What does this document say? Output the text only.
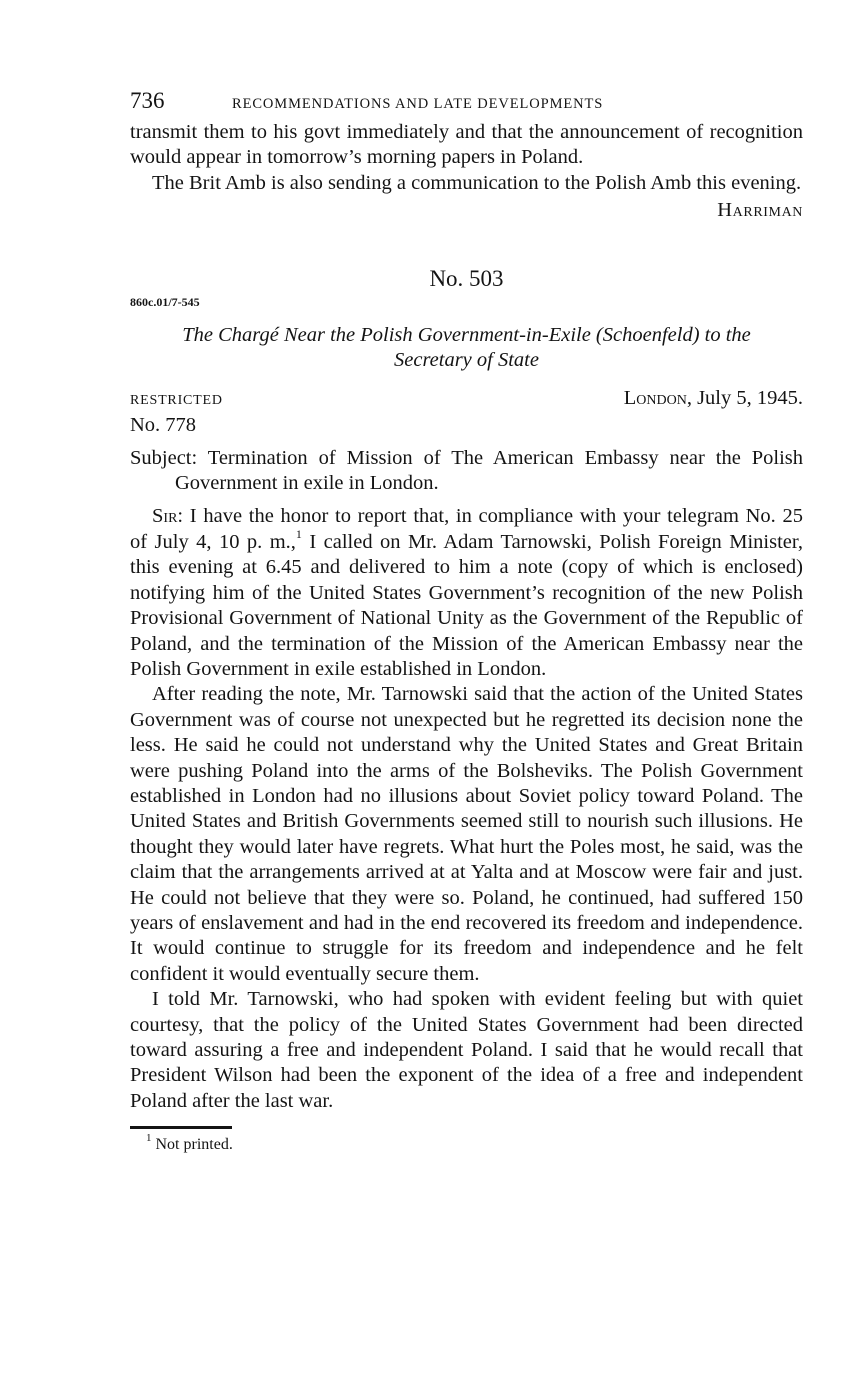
736	RECOMMENDATIONS AND LATE DEVELOPMENTS

transmit them to his govt immediately and that the announcement of recognition would appear in tomorrow’s morning papers in Poland.

The Brit Amb is also sending a communication to the Polish Amb this evening.

Harriman
No. 503
860c.01/7-545
The Chargé Near the Polish Government-in-Exile (Schoenfeld) to the
Secretary of State
RESTRICTED	London, July 5, 1945.
No. 778

Subject: Termination of Mission of The American Embassy near the Polish Government in exile in London.

Sir: I have the honor to report that, in compliance with your telegram No. 25 of July 4, 10 p. m.,$^1$ I called on Mr. Adam Tarnowski, Polish Foreign Minister, this evening at 6.45 and delivered to him a note (copy of which is enclosed) notifying him of the United States Government’s recognition of the new Polish Provisional Government of National Unity as the Government of the Republic of Poland, and the termination of the Mission of the American Embassy near the Polish Government in exile established in London.

After reading the note, Mr. Tarnowski said that the action of the United States Government was of course not unexpected but he regretted its decision none the less. He said he could not understand why the United States and Great Britain were pushing Poland into the arms of the Bolsheviks. The Polish Government established in London had no illusions about Soviet policy toward Poland. The United States and British Governments seemed still to nourish such illusions. He thought they would later have regrets. What hurt the Poles most, he said, was the claim that the arrangements arrived at at Yalta and at Moscow were fair and just. He could not believe that they were so. Poland, he continued, had suffered 150 years of enslavement and had in the end recovered its freedom and independence. It would continue to struggle for its freedom and independence and he felt confident it would eventually secure them.

I told Mr. Tarnowski, who had spoken with evident feeling but with quiet courtesy, that the policy of the United States Government had been directed toward assuring a free and independent Poland. I said that he would recall that President Wilson had been the exponent of the idea of a free and independent Poland after the last war.

$^1$ Not printed.
